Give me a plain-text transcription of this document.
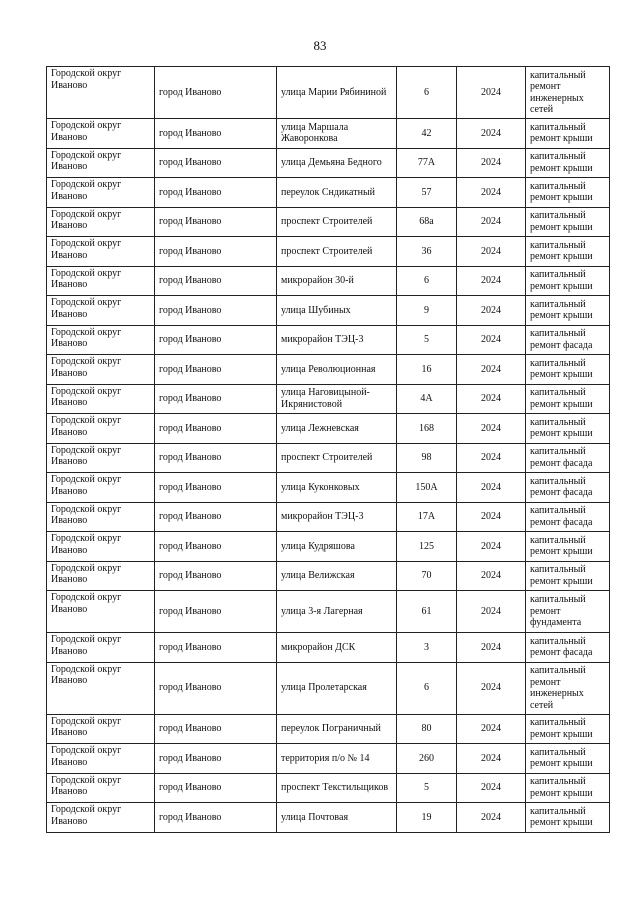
83
Городской округ Иваново	город Иваново	улица Марии Рябининой	6	2024	капитальный ремонт инженерных сетей
Городской округ Иваново	город Иваново	улица Маршала Жаворонкова	42	2024	капитальный ремонт крыши
Городской округ Иваново	город Иваново	улица Демьяна Бедного	77А	2024	капитальный ремонт крыши
Городской округ Иваново	город Иваново	переулок Сндикатный	57	2024	капитальный ремонт крыши
Городской округ Иваново	город Иваново	проспект Строителей	68а	2024	капитальный ремонт крыши
Городской округ Иваново	город Иваново	проспект Строителей	36	2024	капитальный ремонт крыши
Городской округ Иваново	город Иваново	микрорайон 30-й	6	2024	капитальный ремонт крыши
Городской округ Иваново	город Иваново	улица Шубиных	9	2024	капитальный ремонт крыши
Городской округ Иваново	город Иваново	микрорайон ТЭЦ-3	5	2024	капитальный ремонт фасада
Городской округ Иваново	город Иваново	улица Революционная	16	2024	капитальный ремонт крыши
Городской округ Иваново	город Иваново	улица Наговицыной-Икрянистовой	4А	2024	капитальный ремонт крыши
Городской округ Иваново	город Иваново	улица Лежневская	168	2024	капитальный ремонт крыши
Городской округ Иваново	город Иваново	проспект Строителей	98	2024	капитальный ремонт фасада
Городской округ Иваново	город Иваново	улица Куконковых	150А	2024	капитальный ремонт фасада
Городской округ Иваново	город Иваново	микрорайон ТЭЦ-3	17А	2024	капитальный ремонт фасада
Городской округ Иваново	город Иваново	улица Кудряшова	125	2024	капитальный ремонт крыши
Городской округ Иваново	город Иваново	улица Велижская	70	2024	капитальный ремонт крыши
Городской округ Иваново	город Иваново	улица 3-я Лагерная	61	2024	капитальный ремонт фундамента
Городской округ Иваново	город Иваново	микрорайон ДСК	3	2024	капитальный ремонт фасада
Городской округ Иваново	город Иваново	улица Пролетарская	6	2024	капитальный ремонт инженерных сетей
Городской округ Иваново	город Иваново	переулок Пограничный	80	2024	капитальный ремонт крыши
Городской округ Иваново	город Иваново	территория п/о № 14	260	2024	капитальный ремонт крыши
Городской округ Иваново	город Иваново	проспект Текстильщиков	5	2024	капитальный ремонт крыши
Городской округ Иваново	город Иваново	улица Почтовая	19	2024	капитальный ремонт крыши
